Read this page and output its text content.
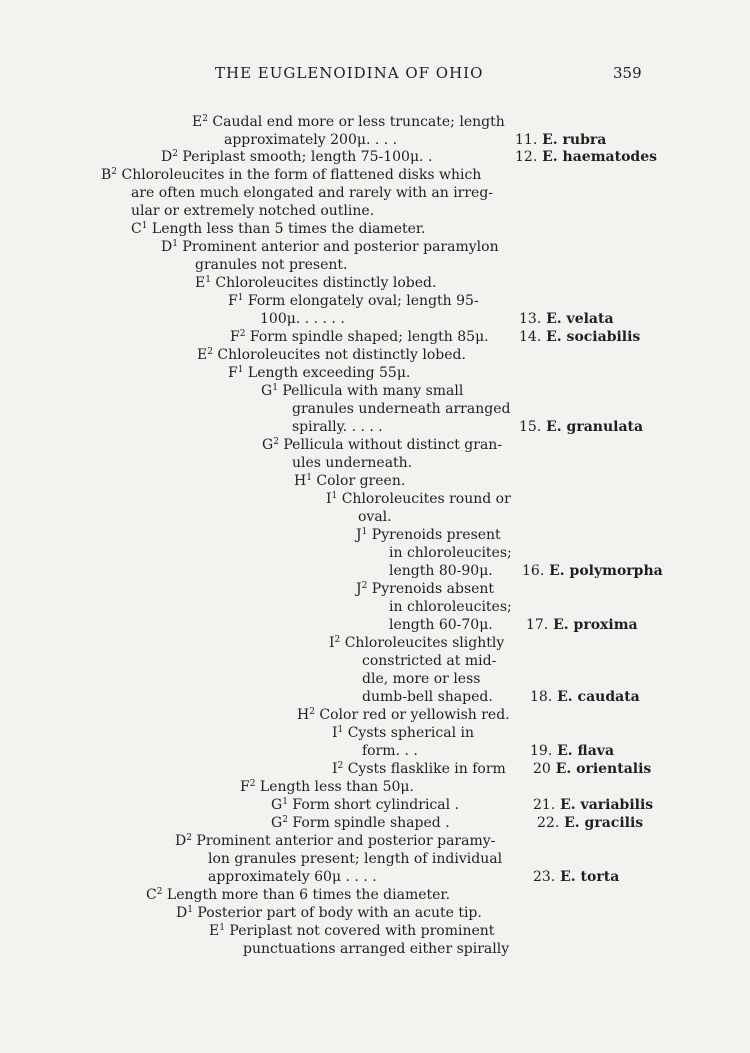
THE EUGLENOIDINA OF OHIO	359
$E^2$ Caudal end more or less truncate; length
approximately 200μ. . . .	11. E. rubra
$D^2$ Periplast smooth; length 75-100μ. .	12. E. haematodes
$B^2$ Chloroleucites in the form of flattened disks which
are often much elongated and rarely with an irreg-
ular or extremely notched outline.
$C^1$ Length less than 5 times the diameter.
$D^1$ Prominent anterior and posterior paramylon
granules not present.
$E^1$ Chloroleucites distinctly lobed.
$F^1$ Form elongately oval; length 95-
100μ. . . . . .	13. E. velata
$F^2$ Form spindle shaped; length 85μ. 14. E. sociabilis
$E^2$ Chloroleucites not distinctly lobed.
$F^1$ Length exceeding 55μ.
$G^1$ Pellicula with many small
granules underneath arranged
spirally. . . . .	15. E. granulata
$G^2$ Pellicula without distinct gran-
ules underneath.
$H^1$ Color green.
$I^1$ Chloroleucites round or
oval.
$J^1$ Pyrenoids present
in chloroleucites;
length 80-90μ. 16. E. polymorpha
$J^2$ Pyrenoids absent
in chloroleucites;
length 60-70μ. 17. E. proxima
$I^2$ Chloroleucites slightly
constricted at mid-
dle, more or less
dumb-bell shaped.	18. E. caudata
$H^2$ Color red or yellowish red.
$I^1$ Cysts spherical in
form. . .	19. E. flava
$I^2$ Cysts flasklike in form 20 E. orientalis
$F^2$ Length less than 50μ.
$G^1$ Form short cylindrical .	21. E. variabilis
$G^2$ Form spindle shaped .	22. E. gracilis
$D^2$ Prominent anterior and posterior paramy-
lon granules present; length of individual
approximately 60μ . . . .	23. E. torta
$C^2$ Length more than 6 times the diameter.
$D^1$ Posterior part of body with an acute tip.
$E^1$ Periplast not covered with prominent
punctuations arranged either spirally
